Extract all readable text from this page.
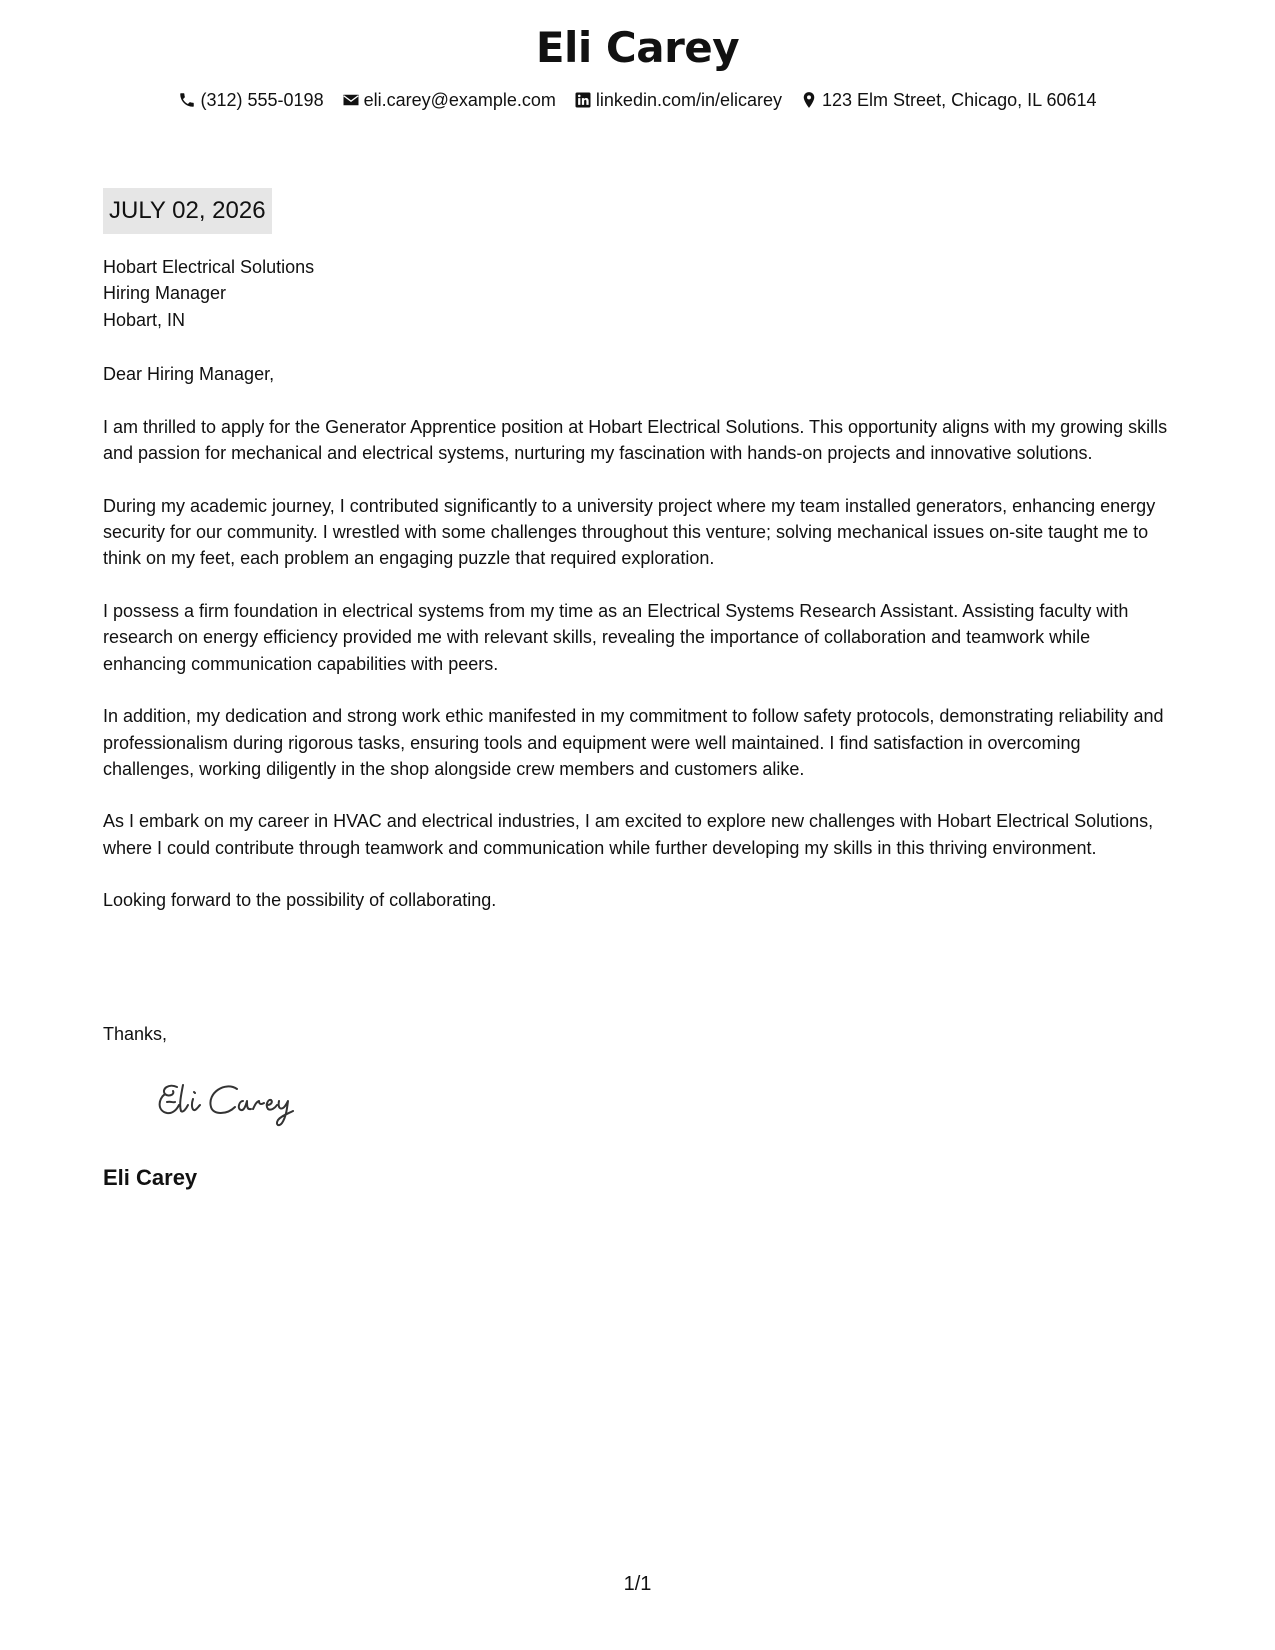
Eli Carey
(312) 555-0198 eli.carey@example.com linkedin.com/in/elicarey 123 Elm Street, Chicago, IL 60614
JULY 02, 2026
Hobart Electrical Solutions
Hiring Manager
Hobart, IN
Dear Hiring Manager,

I am thrilled to apply for the Generator Apprentice position at Hobart Electrical Solutions. This opportunity aligns with my growing skills and passion for mechanical and electrical systems, nurturing my fascination with hands-on projects and innovative solutions.

During my academic journey, I contributed significantly to a university project where my team installed generators, enhancing energy security for our community. I wrestled with some challenges throughout this venture; solving mechanical issues on-site taught me to think on my feet, each problem an engaging puzzle that required exploration.

I possess a firm foundation in electrical systems from my time as an Electrical Systems Research Assistant. Assisting faculty with research on energy efficiency provided me with relevant skills, revealing the importance of collaboration and teamwork while enhancing communication capabilities with peers.

In addition, my dedication and strong work ethic manifested in my commitment to follow safety protocols, demonstrating reliability and professionalism during rigorous tasks, ensuring tools and equipment were well maintained. I find satisfaction in overcoming challenges, working diligently in the shop alongside crew members and customers alike.

As I embark on my career in HVAC and electrical industries, I am excited to explore new challenges with Hobart Electrical Solutions, where I could contribute through teamwork and communication while further developing my skills in this thriving environment.

Looking forward to the possibility of collaborating.

Thanks,
Eli Carey
1/1
